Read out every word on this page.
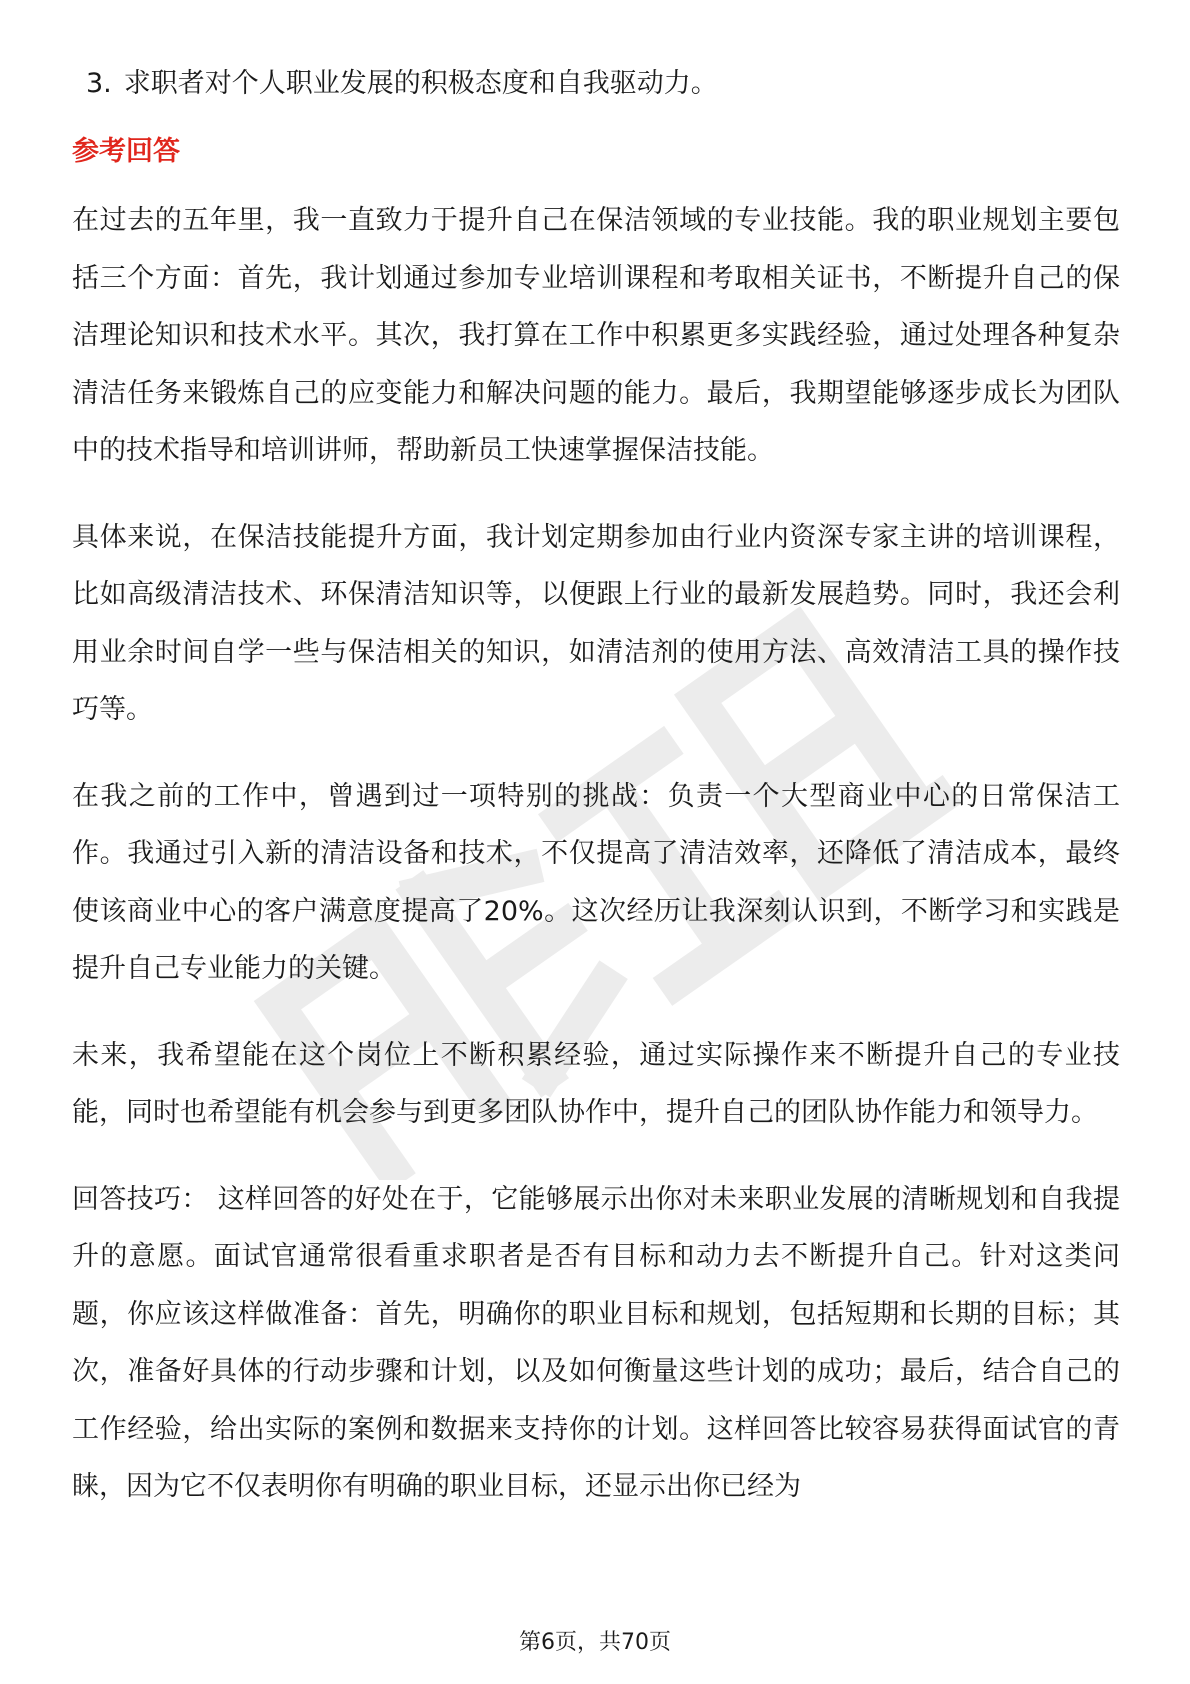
3. 求职者对个人职业发展的积极态度和自我驱动力。
参考回答

在过去的五年里，我一直致力于提升自己在保洁领域的专业技能。我的职业规划主要包括三个方面：首先，我计划通过参加专业培训课程和考取相关证书，不断提升自己的保洁理论知识和技术水平。其次，我打算在工作中积累更多实践经验，通过处理各种复杂清洁任务来锻炼自己的应变能力和解决问题的能力。最后，我期望能够逐步成长为团队中的技术指导和培训讲师，帮助新员工快速掌握保洁技能。

具体来说，在保洁技能提升方面，我计划定期参加由行业内资深专家主讲的培训课程，比如高级清洁技术、环保清洁知识等，以便跟上行业的最新发展趋势。同时，我还会利用业余时间自学一些与保洁相关的知识，如清洁剂的使用方法、高效清洁工具的操作技巧等。

在我之前的工作中，曾遇到过一项特别的挑战：负责一个大型商业中心的日常保洁工作。我通过引入新的清洁设备和技术，不仅提高了清洁效率，还降低了清洁成本，最终使该商业中心的客户满意度提高了20%。这次经历让我深刻认识到，不断学习和实践是提升自己专业能力的关键。

未来，我希望能在这个岗位上不断积累经验，通过实际操作来不断提升自己的专业技能，同时也希望能有机会参与到更多团队协作中，提升自己的团队协作能力和领导力。

回答技巧： 这样回答的好处在于，它能够展示出你对未来职业发展的清晰规划和自我提升的意愿。面试官通常很看重求职者是否有目标和动力去不断提升自己。针对这类问题，你应该这样做准备：首先，明确你的职业目标和规划，包括短期和长期的目标；其次，准备好具体的行动步骤和计划，以及如何衡量这些计划的成功；最后，结合自己的工作经验，给出实际的案例和数据来支持你的计划。这样回答比较容易获得面试官的青睐，因为它不仅表明你有明确的职业目标，还显示出你已经为

第6页，共70页
